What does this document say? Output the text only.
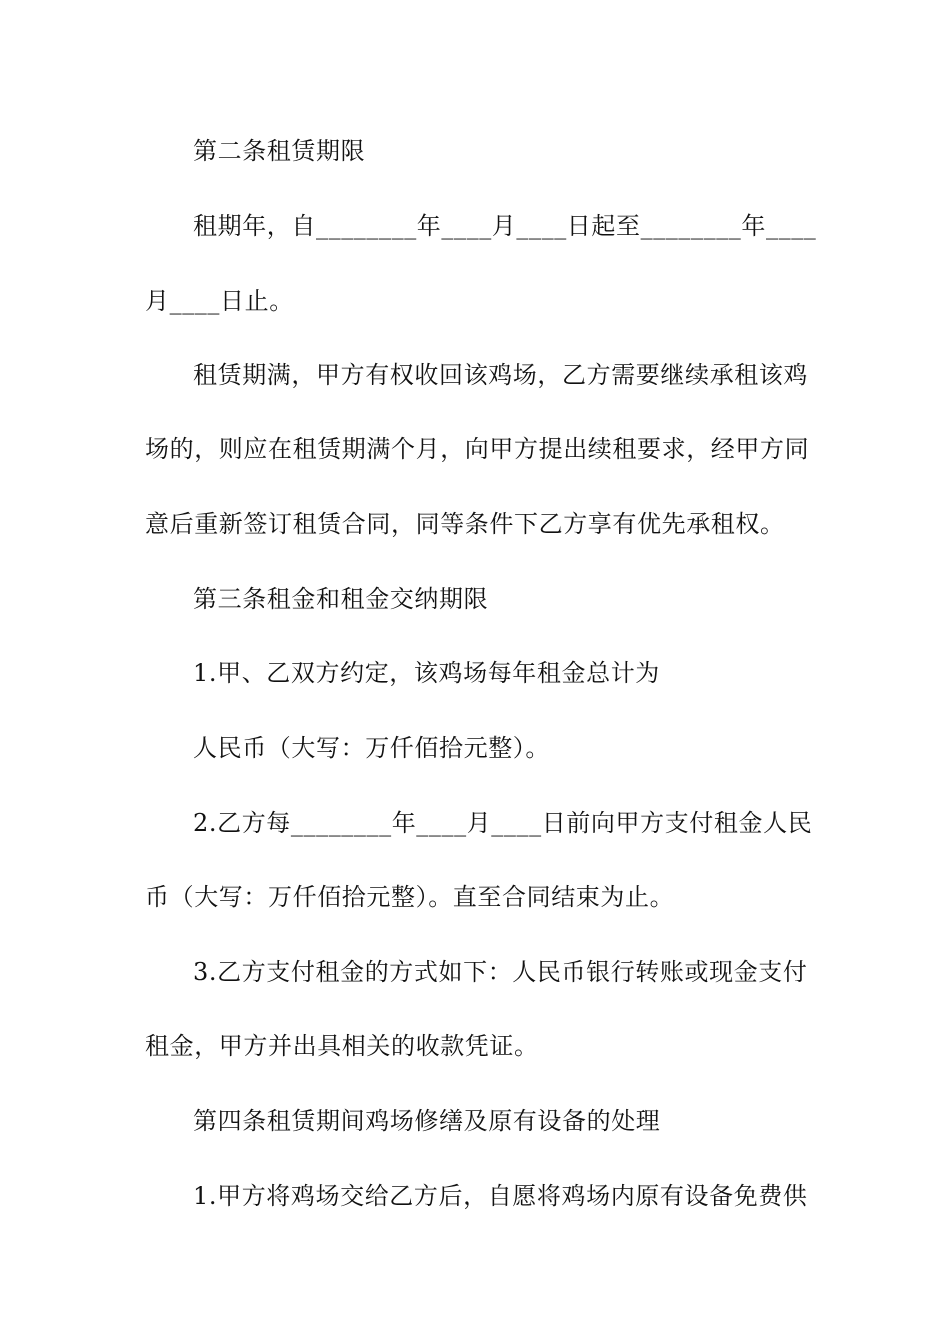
第二条租赁期限
租期年，自________年____月____日起至________年____
月____日止。
租赁期满，甲方有权收回该鸡场，乙方需要继续承租该鸡
场的，则应在租赁期满个月，向甲方提出续租要求，经甲方同
意后重新签订租赁合同，同等条件下乙方享有优先承租权。
第三条租金和租金交纳期限
1.甲、乙双方约定，该鸡场每年租金总计为
人民币（大写：万仟佰拾元整）。
2.乙方每________年____月____日前向甲方支付租金人民
币（大写：万仟佰拾元整）。直至合同结束为止。
3.乙方支付租金的方式如下：人民币银行转账或现金支付
租金，甲方并出具相关的收款凭证。
第四条租赁期间鸡场修缮及原有设备的处理
1.甲方将鸡场交给乙方后，自愿将鸡场内原有设备免费供
